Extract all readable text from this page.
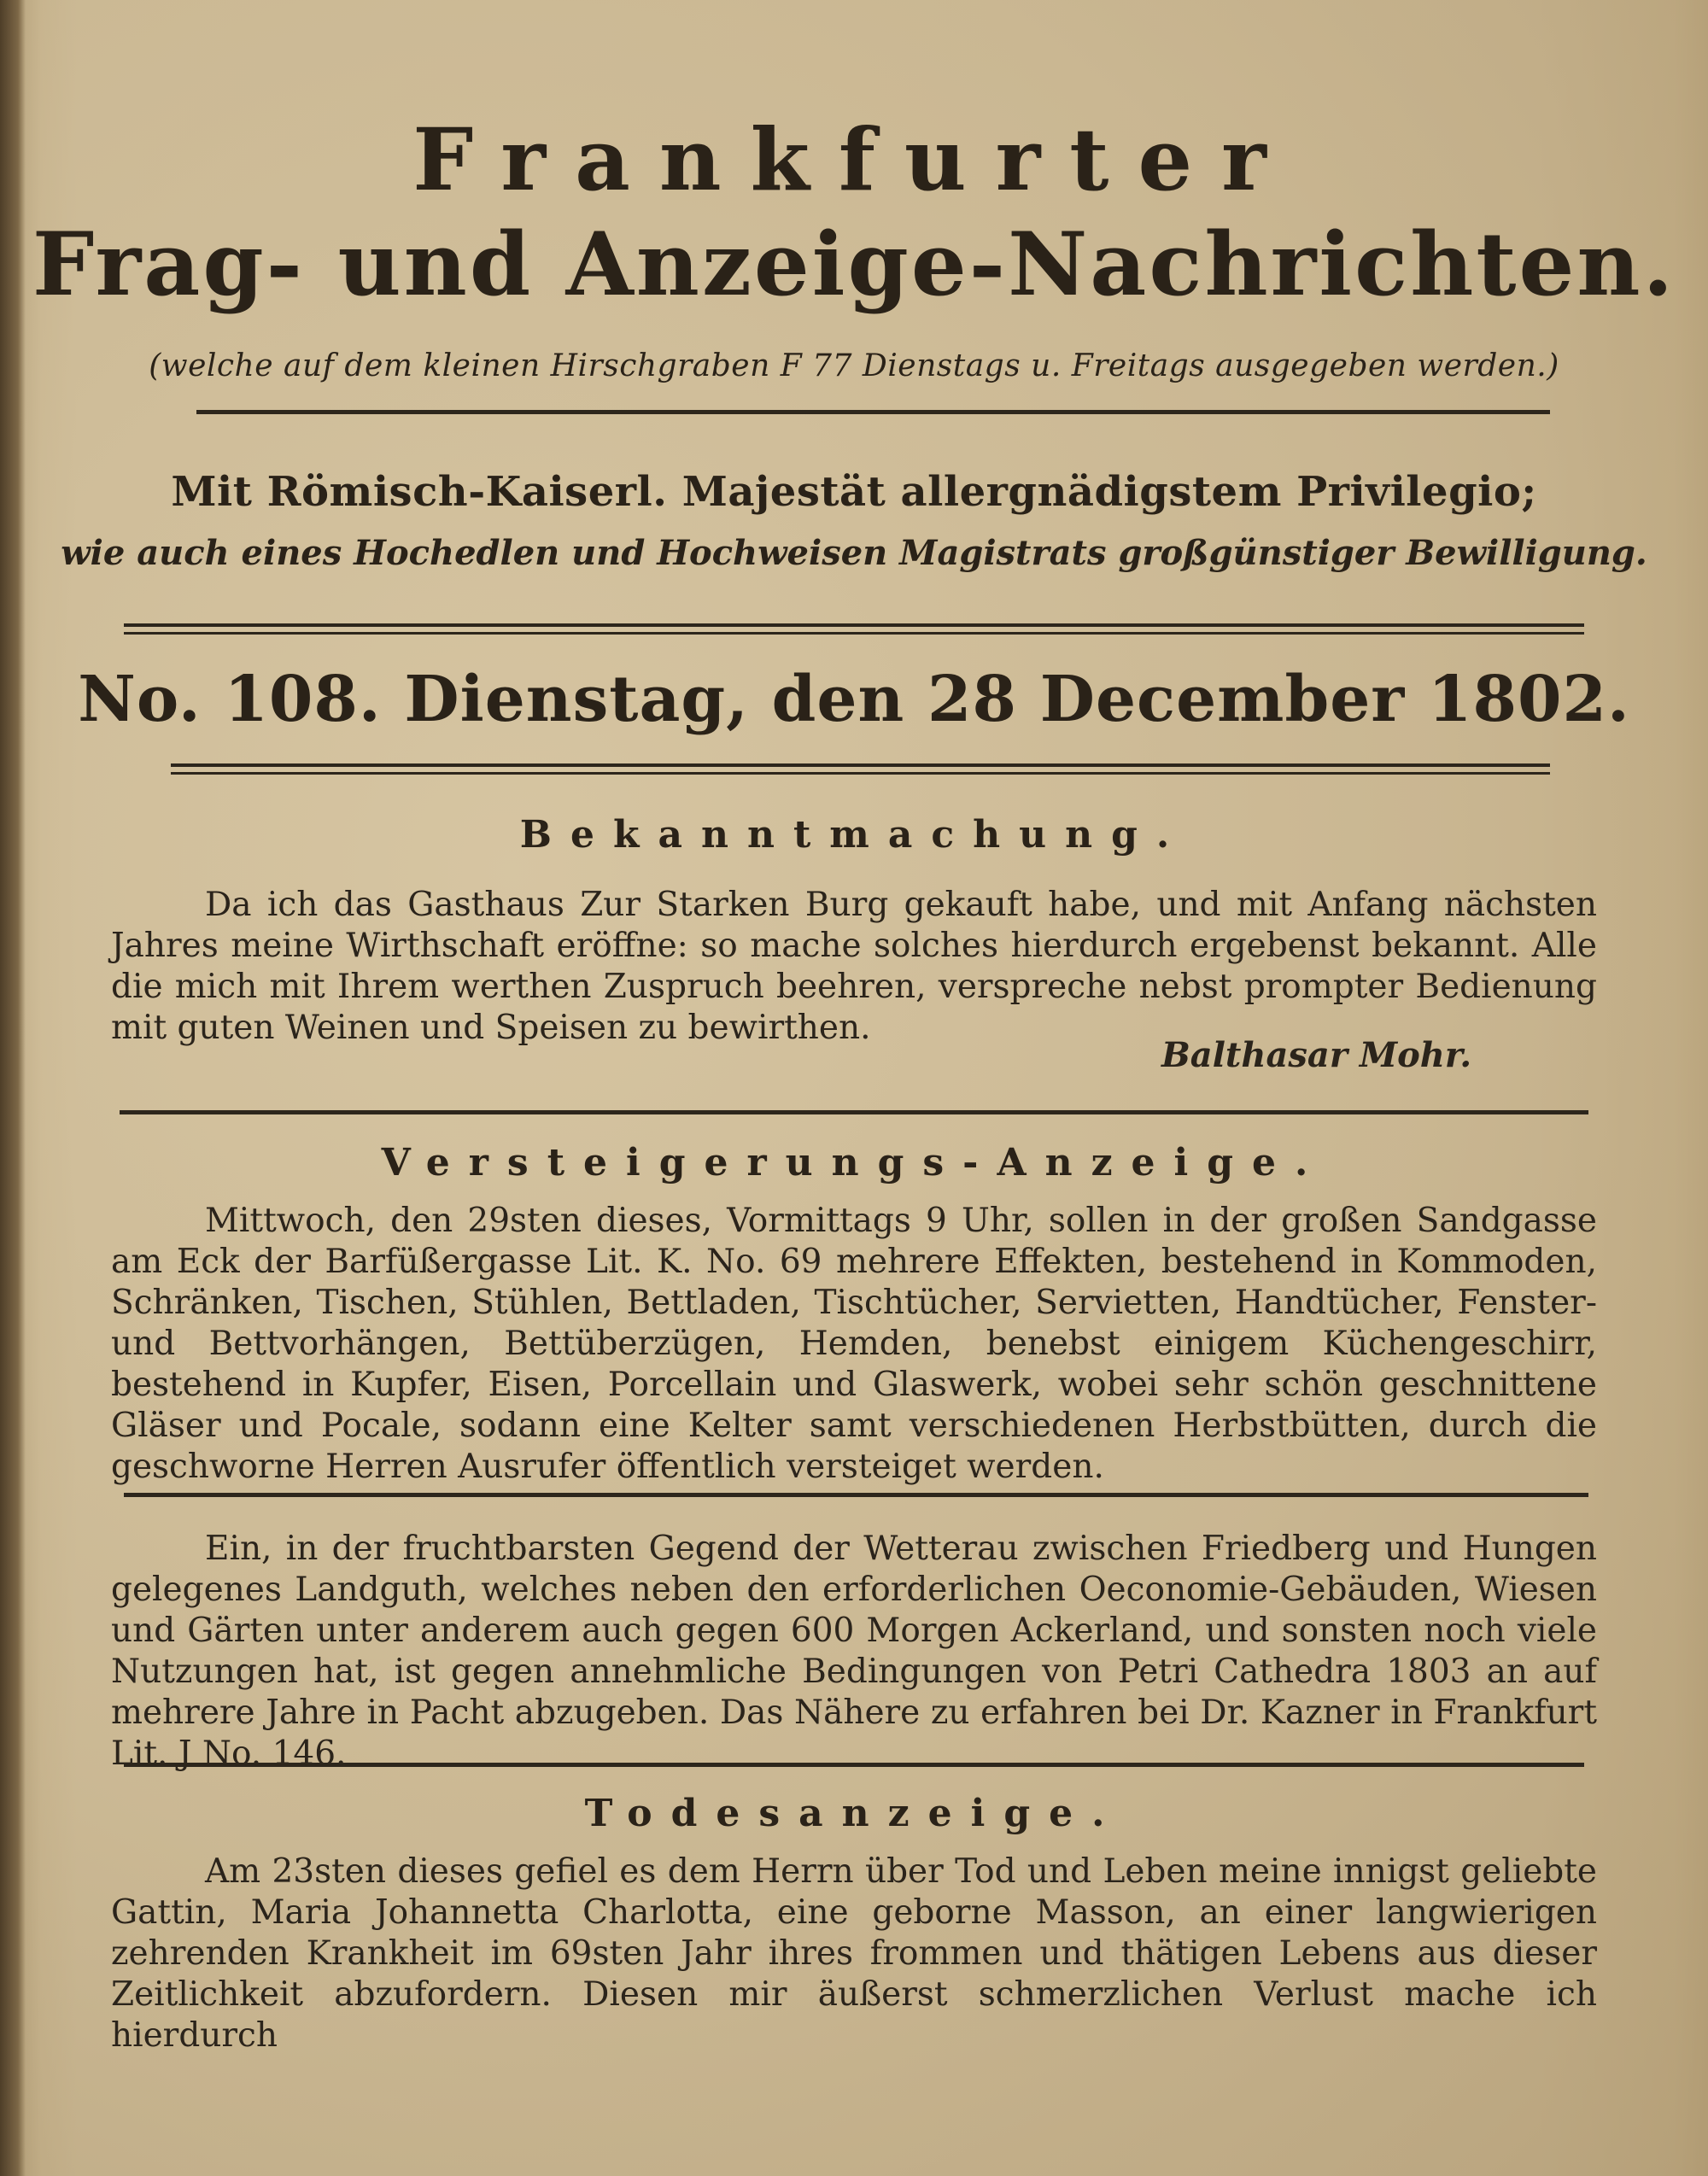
Frankfurter
Frag- und Anzeige-Nachrichten.
(welche auf dem kleinen Hirschgraben F 77 Dienstags u. Freitags ausgegeben werden.)
Mit Römisch-Kaiserl. Majestät allergnädigstem Privilegio;
wie auch eines Hochedlen und Hochweisen Magistrats großgünstiger Bewilligung.
No. 108. Dienstag, den 28 December 1802.
Bekanntmachung.
Da ich das Gasthaus Zur Starken Burg gekauft habe, und mit Anfang nächsten Jahres meine Wirthschaft eröffne: so mache solches hierdurch ergebenst bekannt. Alle die mich mit Ihrem werthen Zuspruch beehren, verspreche nebst prompter Bedienung mit guten Weinen und Speisen zu bewirthen.
Balthasar Mohr.
Versteigerungs-Anzeige.
Mittwoch, den 29sten dieses, Vormittags 9 Uhr, sollen in der großen Sandgasse am Eck der Barfüßergasse Lit. K. No. 69 mehrere Effekten, bestehend in Kommoden, Schränken, Tischen, Stühlen, Bettladen, Tischtücher, Servietten, Handtücher, Fenster- und Bettvorhängen, Bettüberzügen, Hemden, benebst einigem Küchengeschirr, bestehend in Kupfer, Eisen, Porcellain und Glaswerk, wobei sehr schön geschnittene Gläser und Pocale, sodann eine Kelter samt verschiedenen Herbstbütten, durch die geschworne Herren Ausrufer öffentlich versteiget werden.
Ein, in der fruchtbarsten Gegend der Wetterau zwischen Friedberg und Hungen gelegenes Landguth, welches neben den erforderlichen Oeconomie-Gebäuden, Wiesen und Gärten unter anderem auch gegen 600 Morgen Ackerland, und sonsten noch viele Nutzungen hat, ist gegen annehmliche Bedingungen von Petri Cathedra 1803 an auf mehrere Jahre in Pacht abzugeben. Das Nähere zu erfahren bei Dr. Kazner in Frankfurt Lit. J No. 146.
Todesanzeige.
Am 23sten dieses gefiel es dem Herrn über Tod und Leben meine innigst geliebte Gattin, Maria Johannetta Charlotta, eine geborne Masson, an einer langwierigen zehrenden Krankheit im 69sten Jahr ihres frommen und thätigen Lebens aus dieser Zeitlichkeit abzufordern. Diesen mir äußerst schmerzlichen Verlust mache ich hierdurch
